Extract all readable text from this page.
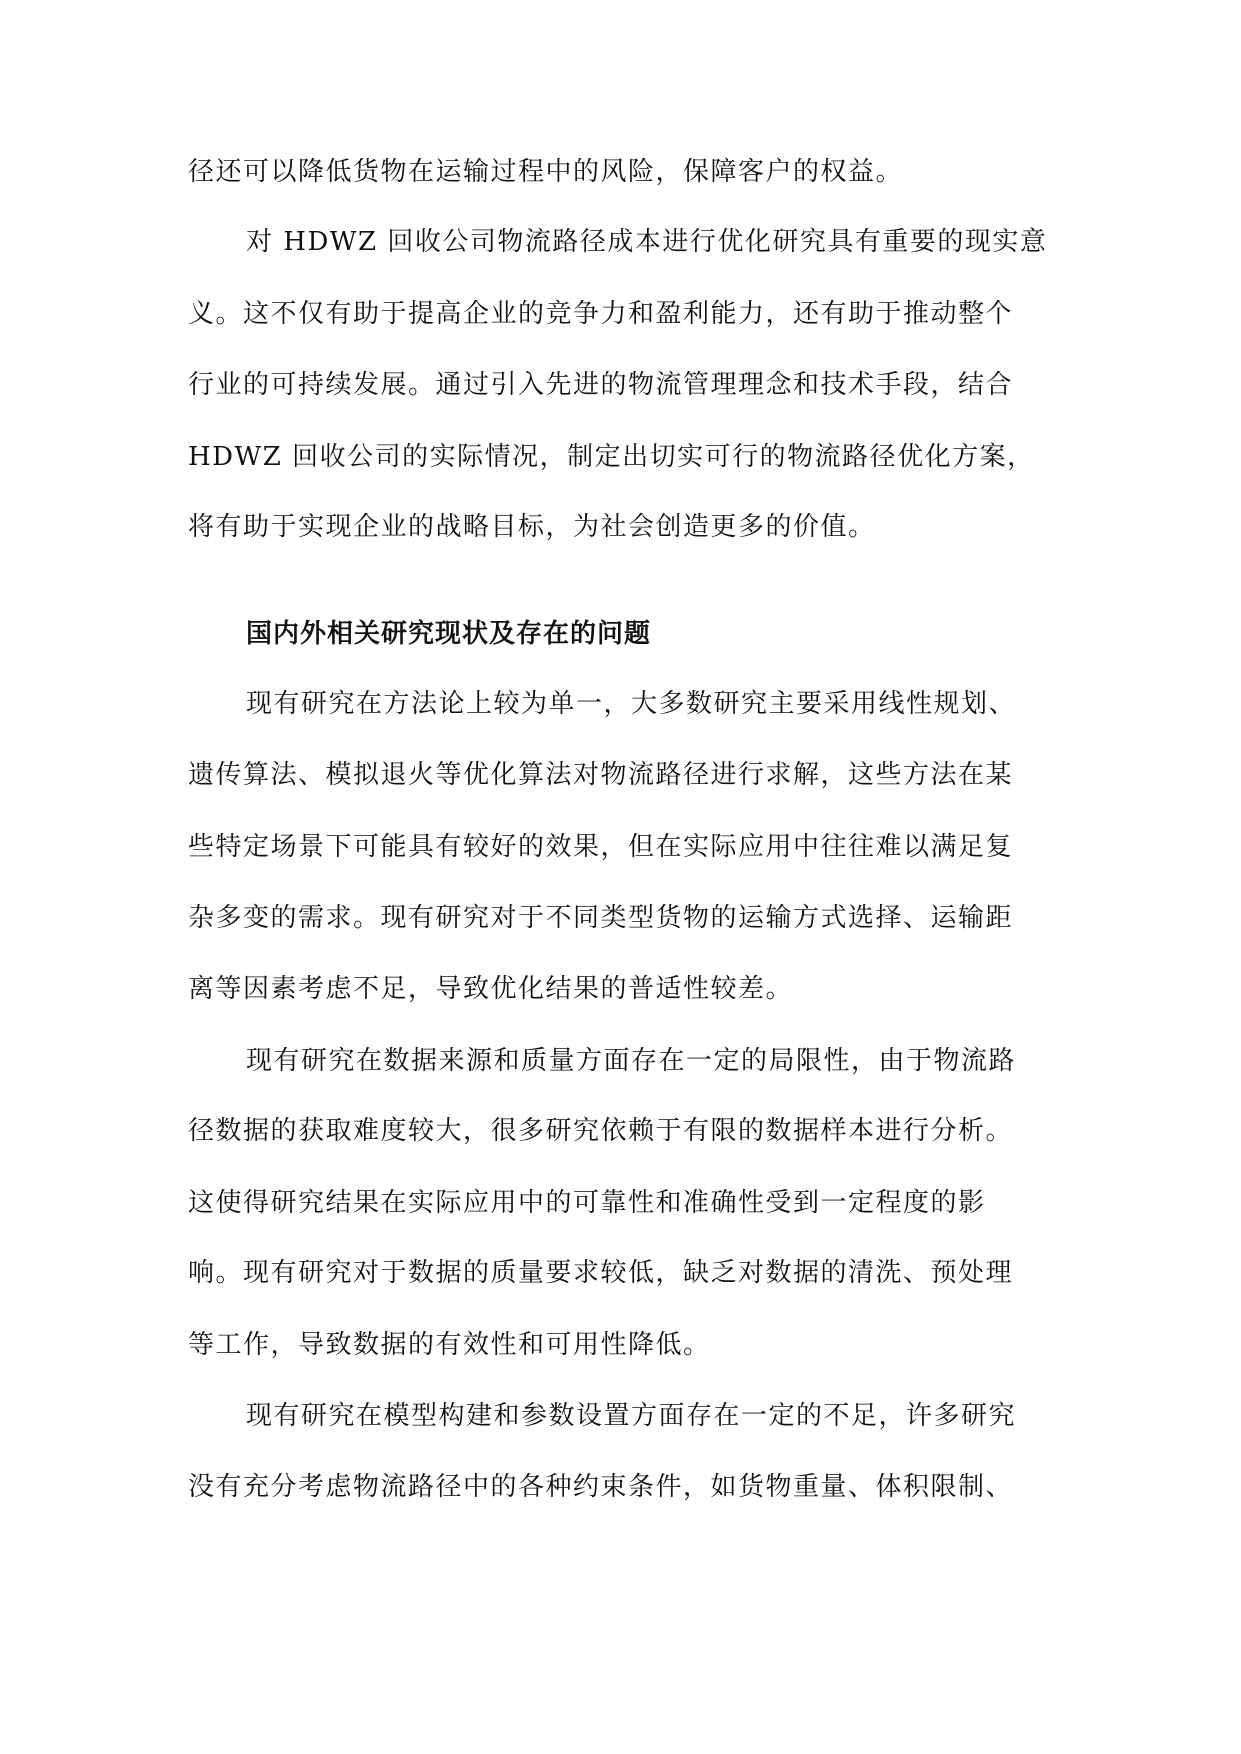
径还可以降低货物在运输过程中的风险，保障客户的权益。
对 HDWZ 回收公司物流路径成本进行优化研究具有重要的现实意
义。这不仅有助于提高企业的竞争力和盈利能力，还有助于推动整个
行业的可持续发展。通过引入先进的物流管理理念和技术手段，结合
HDWZ 回收公司的实际情况，制定出切实可行的物流路径优化方案，
将有助于实现企业的战略目标，为社会创造更多的价值。
国内外相关研究现状及存在的问题
现有研究在方法论上较为单一，大多数研究主要采用线性规划、
遗传算法、模拟退火等优化算法对物流路径进行求解，这些方法在某
些特定场景下可能具有较好的效果，但在实际应用中往往难以满足复
杂多变的需求。现有研究对于不同类型货物的运输方式选择、运输距
离等因素考虑不足，导致优化结果的普适性较差。
现有研究在数据来源和质量方面存在一定的局限性，由于物流路
径数据的获取难度较大，很多研究依赖于有限的数据样本进行分析。
这使得研究结果在实际应用中的可靠性和准确性受到一定程度的影
响。现有研究对于数据的质量要求较低，缺乏对数据的清洗、预处理
等工作，导致数据的有效性和可用性降低。
现有研究在模型构建和参数设置方面存在一定的不足，许多研究
没有充分考虑物流路径中的各种约束条件，如货物重量、体积限制、
